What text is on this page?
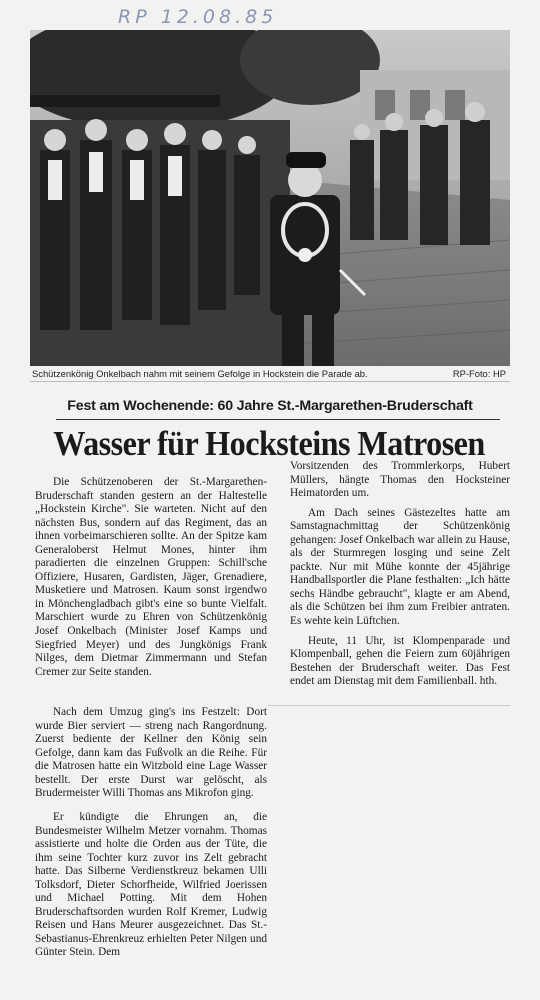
RP 12.08.85
Schützenkönig Onkelbach nahm mit seinem Gefolge in Hockstein die Parade ab.	RP-Foto: HP
Fest am Wochenende: 60 Jahre St.-Margarethen-Bruderschaft
Wasser für Hocksteins Matrosen

Die Schützenoberen der St.-Margarethen-Bruderschaft standen gestern an der Haltestelle „Hockstein Kirche". Sie warteten. Nicht auf den nächsten Bus, sondern auf das Regiment, das an ihnen vorbeimarschieren sollte. An der Spitze kam Generaloberst Helmut Mones, hinter ihm paradierten die einzelnen Gruppen: Schill'sche Offiziere, Husaren, Gardisten, Jäger, Grenadiere, Musketiere und Matrosen. Kaum sonst irgendwo in Mönchengladbach gibt's eine so bunte Vielfalt. Marschiert wurde zu Ehren von Schützenkönig Josef Onkelbach (Minister Josef Kamps und Siegfried Meyer) und des Jungkönigs Frank Nilges, dem Dietmar Zimmermann und Stefan Cremer zur Seite standen.

Nach dem Umzug ging's ins Festzelt: Dort wurde Bier serviert — streng nach Rangordnung. Zuerst bediente der Kellner den König sein Gefolge, dann kam das Fußvolk an die Reihe. Für die Matrosen hatte ein Witzbold eine Lage Wasser bestellt. Der erste Durst war gelöscht, als Brudermeister Willi Thomas ans Mikrofon ging.

Er kündigte die Ehrungen an, die Bundesmeister Wilhelm Metzer vornahm. Thomas assistierte und holte die Orden aus der Tüte, die ihm seine Tochter kurz zuvor ins Zelt gebracht hatte. Das Silberne Verdienstkreuz bekamen Ulli Tolksdorf, Dieter Schorfheide, Wilfried Joerissen und Michael Potting. Mit dem Hohen Bruderschaftsorden wurden Rolf Kremer, Ludwig Reisen und Hans Meurer ausgezeichnet. Das St.-Sebastianus-Ehrenkreuz erhielten Peter Nilgen und Günter Stein. Dem

Vorsitzenden des Trommlerkorps, Hubert Müllers, hängte Thomas den Hocksteiner Heimatorden um.

Am Dach seines Gästezeltes hatte am Samstagnachmittag der Schützenkönig gehangen: Josef Onkelbach war allein zu Hause, als der Sturmregen losging und seine Zelt packte. Nur mit Mühe konnte der 45jährige Handballsportler die Plane festhalten: „Ich hätte sechs Händbe gebraucht", klagte er am Abend, als die Schützen bei ihm zum Freibier antraten. Es wehte kein Lüftchen.

Heute, 11 Uhr, ist Klompenparade und Klompenball, gehen die Feiern zum 60jährigen Bestehen der Bruderschaft weiter. Das Fest endet am Dienstag mit dem Familienball. hth.
